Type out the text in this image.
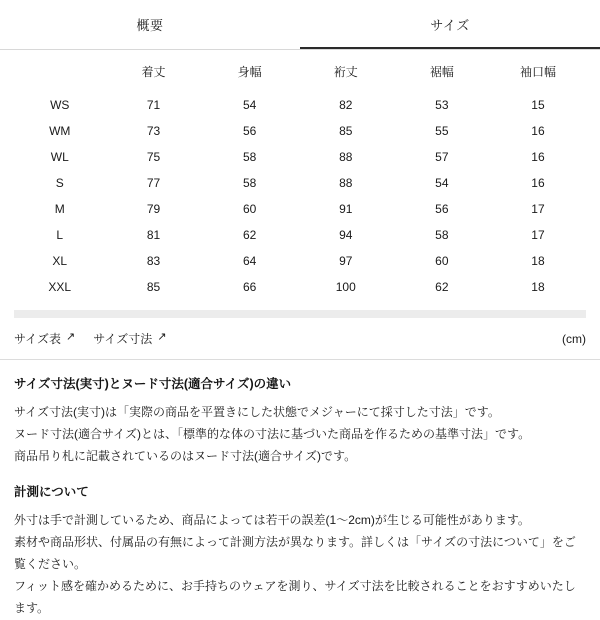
概要	サイズ
	着丈	身幅	裄丈	裾幅	袖口幅
WS	71	54	82	53	15
WM	73	56	85	55	16
WL	75	58	88	57	16
S	77	58	88	54	16
M	79	60	91	56	17
L	81	62	94	58	17
XL	83	64	97	60	18
XXL	85	66	100	62	18
サイズ表 ↗ サイズ寸法 ↗	(cm)
サイズ寸法(実寸)とヌード寸法(適合サイズ)の違い

サイズ寸法(実寸)は「実際の商品を平置きにした状態でメジャーにて採寸した寸法」です。

ヌード寸法(適合サイズ)とは、「標準的な体の寸法に基づいた商品を作るための基準寸法」です。

商品吊り札に記載されているのはヌード寸法(適合サイズ)です。

計測について

外寸は手で計測しているため、商品によっては若干の誤差(1〜2cm)が生じる可能性があります。

素材や商品形状、付属品の有無によって計測方法が異なります。詳しくは「サイズの寸法について」をご覧ください。

フィット感を確かめるために、お手持ちのウェアを測り、サイズ寸法を比較されることをおすすめいたします。
